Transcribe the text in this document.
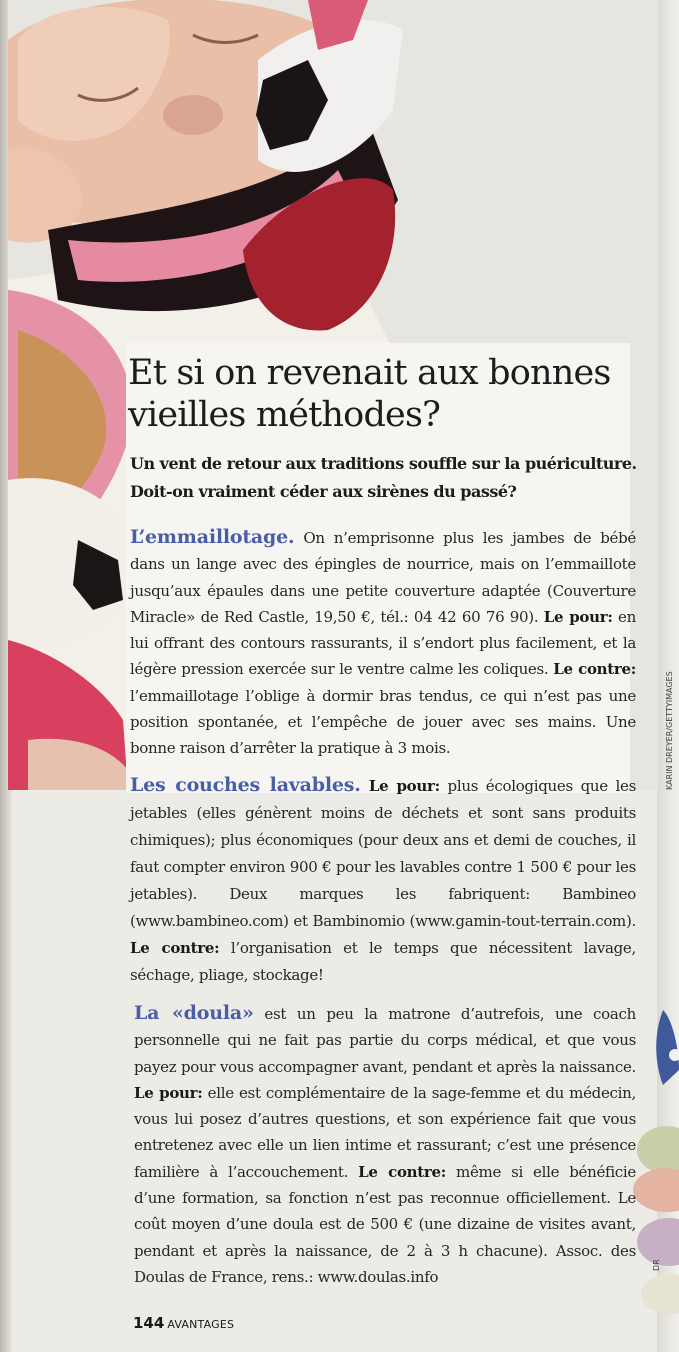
KARIN DREYER/GETTYIMAGES
DR
Et si on revenait aux bonnes vieilles méthodes?

Un vent de retour aux traditions souffle sur la puériculture. Doit-on vraiment céder aux sirènes du passé?

L’emmaillotage. On n’emprisonne plus les jambes de bébé dans un lange avec des épingles de nourrice, mais on l’emmaillote jusqu’aux épaules dans une petite couverture adaptée (Couverture Miracle» de Red Castle, 19,50 €, tél.: 04 42 60 76 90). Le pour: en lui offrant des contours rassurants, il s’endort plus facilement, et la légère pression exercée sur le ventre calme les coliques. Le contre: l’emmaillotage l’oblige à dormir bras tendus, ce qui n’est pas une position spontanée, et l’empêche de jouer avec ses mains. Une bonne raison d’arrêter la pratique à 3 mois.

Les couches lavables. Le pour: plus écologiques que les jetables (elles génèrent moins de déchets et sont sans produits chimiques); plus économiques (pour deux ans et demi de couches, il faut compter environ 900 € pour les lavables contre 1 500 € pour les jetables). Deux marques les fabriquent: Bambineo (www.bambineo.com) et Bambinomio (www.gamin-tout-terrain.com). Le contre: l’organisation et le temps que nécessitent lavage, séchage, pliage, stockage!

La «doula» est un peu la matrone d’autrefois, une coach personnelle qui ne fait pas partie du corps médical, et que vous payez pour vous accompagner avant, pendant et après la naissance. Le pour: elle est complémentaire de la sage-femme et du médecin, vous lui posez d’autres questions, et son expérience fait que vous entretenez avec elle un lien intime et rassurant; c’est une présence familière à l’accouchement. Le contre: même si elle bénéficie d’une formation, sa fonction n’est pas reconnue officiellement. Le coût moyen d’une doula est de 500 € (une dizaine de visites avant, pendant et après la naissance, de 2 à 3 h chacune). Assoc. des Doulas de France, rens.: www.doulas.info

144 AVANTAGES
